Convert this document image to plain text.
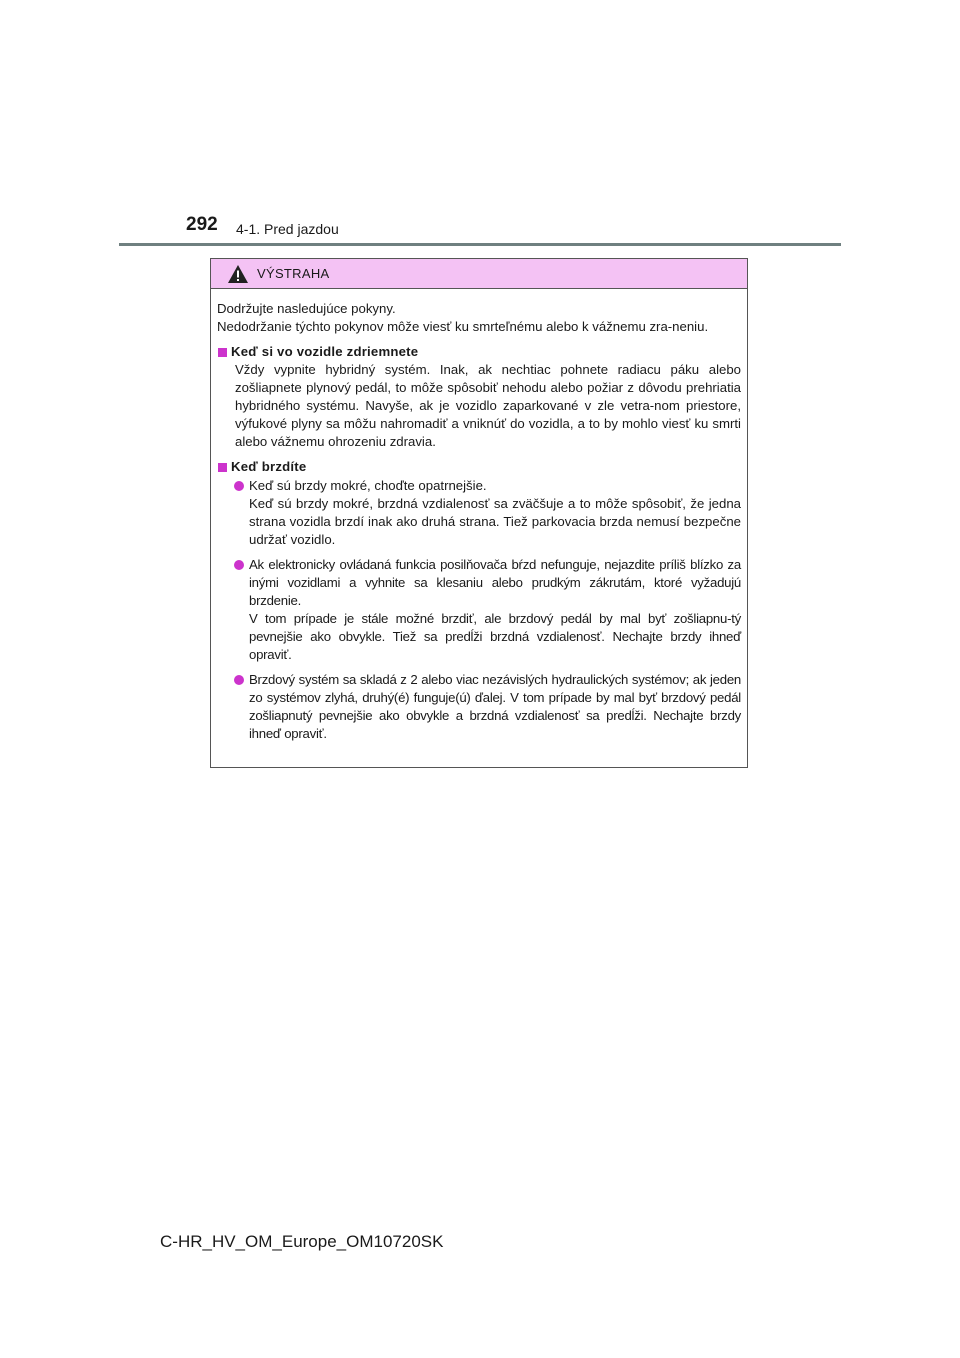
292 4-1. Pred jazdou
VÝSTRAHA

Dodržujte nasledujúce pokyny.

Nedodržanie týchto pokynov môže viesť ku smrteľnému alebo k vážnemu zra-neniu.

Keď si vo vozidle zdriemnete
Vždy vypnite hybridný systém. Inak, ak nechtiac pohnete radiacu páku alebo zošliapnete plynový pedál, to môže spôsobiť nehodu alebo požiar z dôvodu prehriatia hybridného systému. Navyše, ak je vozidlo zaparkované v zle vetra-nom priestore, výfukové plyny sa môžu nahromadiť a vniknúť do vozidla, a to by mohlo viesť ku smrti alebo vážnemu ohrozeniu zdravia.
Keď brzdíte
Keď sú brzdy mokré, choďte opatrnejšie.
Keď sú brzdy mokré, brzdná vzdialenosť sa zväčšuje a to môže spôsobiť, že jedna strana vozidla brzdí inak ako druhá strana. Tiež parkovacia brzda nemusí bezpečne udržať vozidlo.
Ak elektronicky ovládaná funkcia posilňovača bŕzd nefunguje, nejazdite príliš blízko za inými vozidlami a vyhnite sa klesaniu alebo prudkým zákrutám, ktoré vyžadujú brzdenie.
V tom prípade je stále možné brzdiť, ale brzdový pedál by mal byť zošliapnu-tý pevnejšie ako obvykle. Tiež sa predĺži brzdná vzdialenosť. Nechajte brzdy ihneď opraviť.
Brzdový systém sa skladá z 2 alebo viac nezávislých hydraulických systémov; ak jeden zo systémov zlyhá, druhý(é) funguje(ú) ďalej. V tom prípade by mal byť brzdový pedál zošliapnutý pevnejšie ako obvykle a brzdná vzdialenosť sa predĺži. Nechajte brzdy ihneď opraviť.
C-HR_HV_OM_Europe_OM10720SK
